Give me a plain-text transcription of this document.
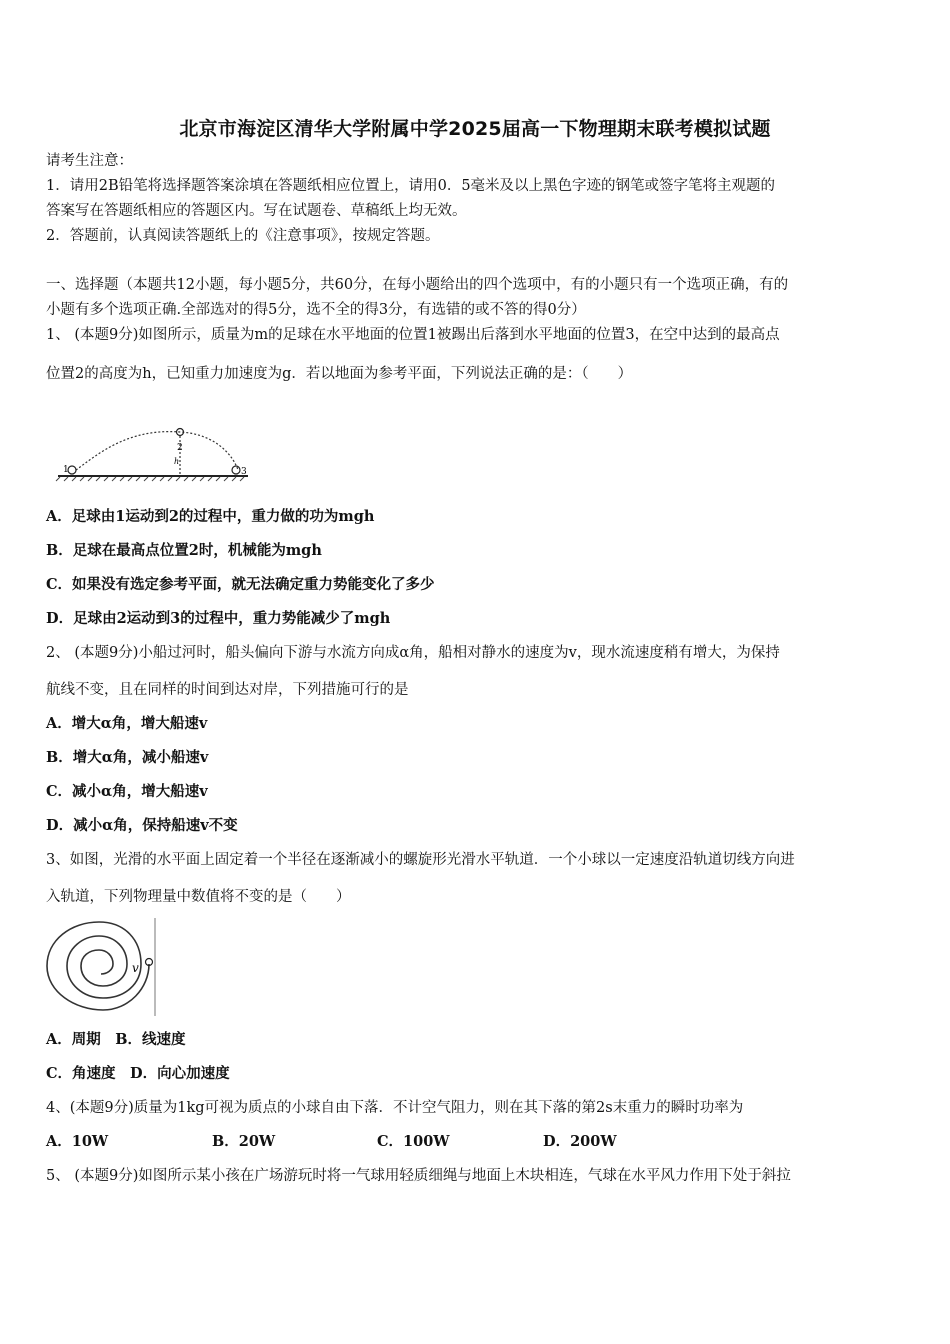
北京市海淀区清华大学附属中学2025届高一下物理期末联考模拟试题
请考生注意：
1．请用2B铅笔将选择题答案涂填在答题纸相应位置上，请用0．5毫米及以上黑色字迹的钢笔或签字笔将主观题的
答案写在答题纸相应的答题区内。写在试题卷、草稿纸上均无效。
2．答题前，认真阅读答题纸上的《注意事项》，按规定答题。
一、选择题（本题共12小题，每小题5分，共60分，在每小题给出的四个选项中，有的小题只有一个选项正确，有的
小题有多个选项正确.全部选对的得5分，选不全的得3分，有选错的或不答的得0分）
1、 (本题9分)如图所示，质量为m的足球在水平地面的位置1被踢出后落到水平地面的位置3，在空中达到的最高点
位置2的高度为h，已知重力加速度为g．若以地面为参考平面，下列说法正确的是：（　　）
1
2
3
h
A．足球由1运动到2的过程中，重力做的功为mgh
B．足球在最高点位置2时，机械能为mgh
C．如果没有选定参考平面，就无法确定重力势能变化了多少
D．足球由2运动到3的过程中，重力势能减少了mgh
2、 (本题9分)小船过河时，船头偏向下游与水流方向成α角，船相对静水的速度为v，现水流速度稍有增大，为保持
航线不变，且在同样的时间到达对岸，下列措施可行的是
A．增大α角，增大船速v
B．增大α角，减小船速v
C．减小α角，增大船速v
D．减小α角，保持船速v不变
3、如图，光滑的水平面上固定着一个半径在逐渐减小的螺旋形光滑水平轨道．一个小球以一定速度沿轨道切线方向进
入轨道，下列物理量中数值将不变的是（　　）
v
A．周期　B．线速度
C．角速度　D．向心加速度
4、(本题9分)质量为1kg可视为质点的小球自由下落．不计空气阻力，则在其下落的第2s末重力的瞬时功率为
A．10W	B．20W	C．100W	D．200W
5、 (本题9分)如图所示某小孩在广场游玩时将一气球用轻质细绳与地面上木块相连，气球在水平风力作用下处于斜拉
